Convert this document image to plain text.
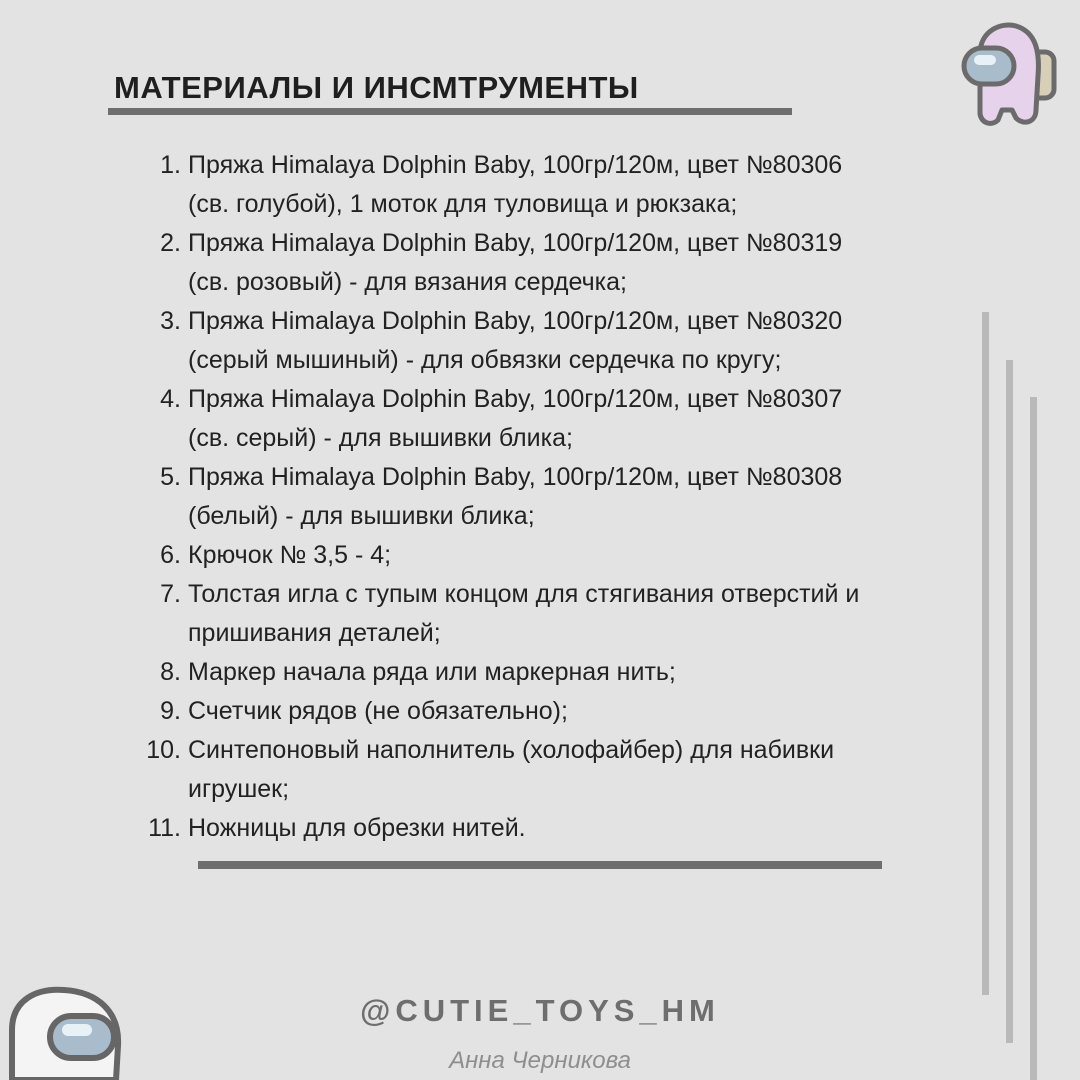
МАТЕРИАЛЫ И ИНСМТРУМЕНТЫ
1. Пряжа Himalaya Dolphin Baby, 100гр/120м, цвет №80306
(св. голубой), 1 моток для туловища и рюкзака;
2. Пряжа Himalaya Dolphin Baby, 100гр/120м, цвет №80319
(св. розовый) - для вязания сердечка;
3. Пряжа Himalaya Dolphin Baby, 100гр/120м, цвет №80320
(серый мышиный) - для обвязки сердечка по кругу;
4. Пряжа Himalaya Dolphin Baby, 100гр/120м, цвет №80307
(св. серый) - для вышивки блика;
5. Пряжа Himalaya Dolphin Baby, 100гр/120м, цвет №80308
(белый) - для вышивки блика;
6. Крючок № 3,5 - 4;
7. Толстая игла с тупым концом для стягивания отверстий и
пришивания деталей;
8. Маркер начала ряда или маркерная нить;
9. Счетчик рядов (не обязательно);
10. Синтепоновый наполнитель (холофайбер) для набивки
игрушек;
11. Ножницы для обрезки нитей.
@CUTIE_TOYS_HM
Анна Черникова
